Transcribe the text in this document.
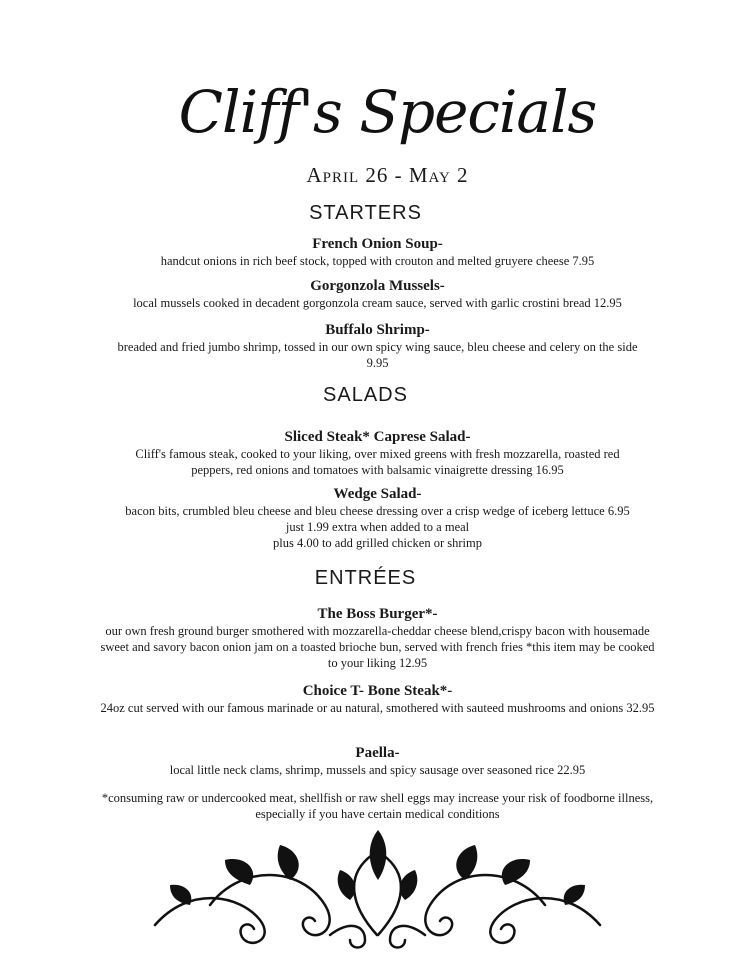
Cliff's Specials
April 26 - May 2
STARTERS
French Onion Soup-
handcut onions in rich beef stock, topped with crouton and melted gruyere cheese 7.95
Gorgonzola Mussels-
local mussels cooked in decadent gorgonzola cream sauce, served with garlic crostini bread 12.95
Buffalo Shrimp-
breaded and fried jumbo shrimp, tossed in our own spicy wing sauce, bleu cheese and celery on the side 9.95
SALADS
Sliced Steak* Caprese Salad-
Cliff's famous steak, cooked to your liking, over mixed greens with fresh mozzarella, roasted red peppers, red onions and tomatoes with balsamic vinaigrette dressing 16.95
Wedge Salad-
bacon bits, crumbled bleu cheese and bleu cheese dressing over a crisp wedge of iceberg lettuce 6.95
just 1.99 extra when added to a meal
plus 4.00 to add grilled chicken or shrimp
ENTRÉES
The Boss Burger*-
our own fresh ground burger smothered with mozzarella-cheddar cheese blend,crispy bacon with housemade sweet and savory bacon onion jam on a toasted brioche bun, served with french fries *this item may be cooked to your liking 12.95
Choice T- Bone Steak*-
24oz cut served with our famous marinade or au natural, smothered with sauteed mushrooms and onions 32.95
Paella-
local little neck clams, shrimp, mussels and spicy sausage over seasoned rice 22.95
*consuming raw or undercooked meat, shellfish or raw shell eggs may increase your risk of foodborne illness, especially if you have certain medical conditions
